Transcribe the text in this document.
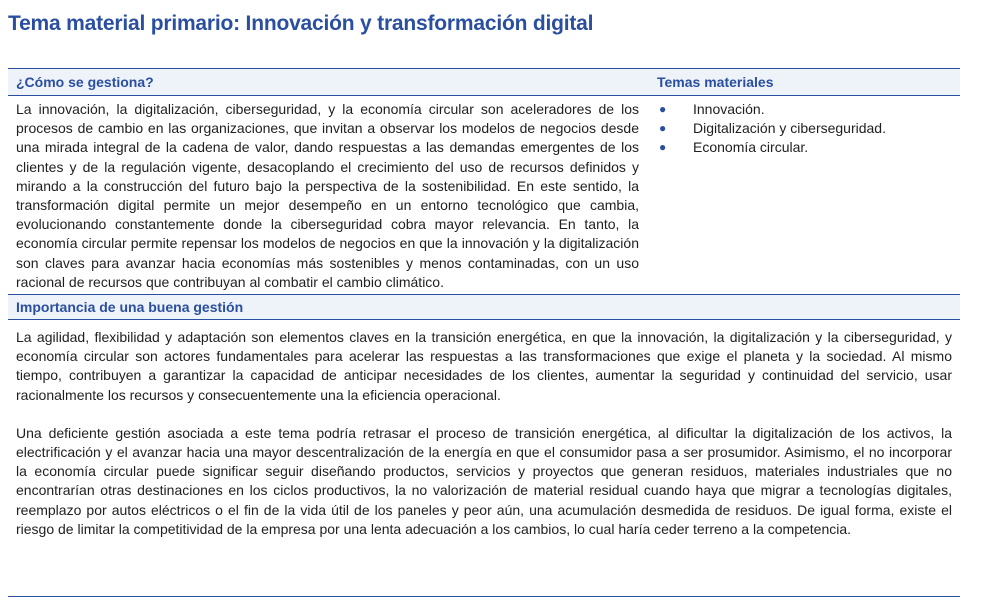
Tema material primario: Innovación y transformación digital
¿Cómo se gestiona?	Temas materiales
La innovación, la digitalización, ciberseguridad, y la economía circular son aceleradores de los procesos de cambio en las organizaciones, que invitan a observar los modelos de negocios desde una mirada integral de la cadena de valor, dando respuestas a las demandas emergentes de los clientes y de la regulación vigente, desacoplando el crecimiento del uso de recursos definidos y mirando a la construcción del futuro bajo la perspectiva de la sostenibilidad. En este sentido, la transformación digital permite un mejor desempeño en un entorno tecnológico que cambia, evolucionando constantemente donde la ciberseguridad cobra mayor relevancia. En tanto, la economía circular permite repensar los modelos de negocios en que la innovación y la digitalización son claves para avanzar hacia economías más sostenibles y menos contaminadas, con un uso racional de recursos que contribuyan al combatir el cambio climático.
●	Innovación.
●	Digitalización y ciberseguridad.
●	Economía circular.
Importancia de una buena gestión
La agilidad, flexibilidad y adaptación son elementos claves en la transición energética, en que la innovación, la digitalización y la ciberseguridad, y economía circular son actores fundamentales para acelerar las respuestas a las transformaciones que exige el planeta y la sociedad. Al mismo tiempo, contribuyen a garantizar la capacidad de anticipar necesidades de los clientes, aumentar la seguridad y continuidad del servicio, usar racionalmente los recursos y consecuentemente una la eficiencia operacional.
Una deficiente gestión asociada a este tema podría retrasar el proceso de transición energética, al dificultar la digitalización de los activos, la electrificación y el avanzar hacia una mayor descentralización de la energía en que el consumidor pasa a ser prosumidor. Asimismo, el no incorporar la economía circular puede significar seguir diseñando productos, servicios y proyectos que generan residuos, materiales industriales que no encontrarían otras destinaciones en los ciclos productivos, la no valorización de material residual cuando haya que migrar a tecnologías digitales, reemplazo por autos eléctricos o el fin de la vida útil de los paneles y peor aún, una acumulación desmedida de residuos. De igual forma, existe el riesgo de limitar la competitividad de la empresa por una lenta adecuación a los cambios, lo cual haría ceder terreno a la competencia.
